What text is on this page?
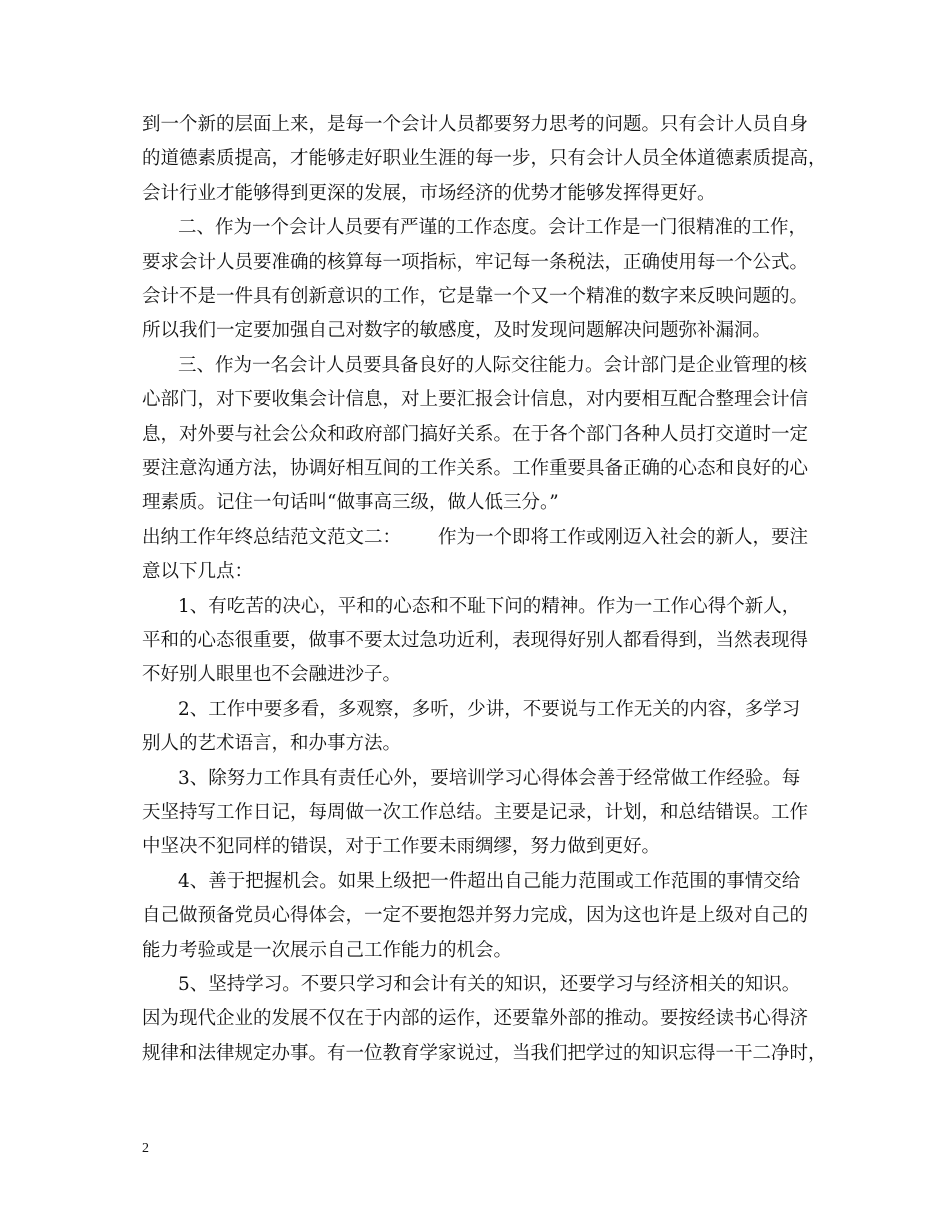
到一个新的层面上来，是每一个会计人员都要努力思考的问题。只有会计人员自身
的道德素质提高，才能够走好职业生涯的每一步，只有会计人员全体道德素质提高，
会计行业才能够得到更深的发展，市场经济的优势才能够发挥得更好。
二、作为一个会计人员要有严谨的工作态度。会计工作是一门很精准的工作，
要求会计人员要准确的核算每一项指标，牢记每一条税法，正确使用每一个公式。
会计不是一件具有创新意识的工作，它是靠一个又一个精准的数字来反映问题的。
所以我们一定要加强自己对数字的敏感度，及时发现问题解决问题弥补漏洞。
三、作为一名会计人员要具备良好的人际交往能力。会计部门是企业管理的核
心部门，对下要收集会计信息，对上要汇报会计信息，对内要相互配合整理会计信
息，对外要与社会公众和政府部门搞好关系。在于各个部门各种人员打交道时一定
要注意沟通方法，协调好相互间的工作关系。工作重要具备正确的心态和良好的心
理素质。记住一句话叫“做事高三级，做人低三分。”
出纳工作年终总结范文范文二： 作为一个即将工作或刚迈入社会的新人，要注
意以下几点：
1、有吃苦的决心，平和的心态和不耻下问的精神。作为一工作心得个新人，
平和的心态很重要，做事不要太过急功近利，表现得好别人都看得到，当然表现得
不好别人眼里也不会融进沙子。
2、工作中要多看，多观察，多听，少讲，不要说与工作无关的内容，多学习
别人的艺术语言，和办事方法。
3、除努力工作具有责任心外，要培训学习心得体会善于经常做工作经验。每
天坚持写工作日记，每周做一次工作总结。主要是记录，计划，和总结错误。工作
中坚决不犯同样的错误，对于工作要未雨绸缪，努力做到更好。
4、善于把握机会。如果上级把一件超出自己能力范围或工作范围的事情交给
自己做预备党员心得体会，一定不要抱怨并努力完成，因为这也许是上级对自己的
能力考验或是一次展示自己工作能力的机会。
5、坚持学习。不要只学习和会计有关的知识，还要学习与经济相关的知识。
因为现代企业的发展不仅在于内部的运作，还要靠外部的推动。要按经读书心得济
规律和法律规定办事。有一位教育学家说过，当我们把学过的知识忘得一干二净时，
2
